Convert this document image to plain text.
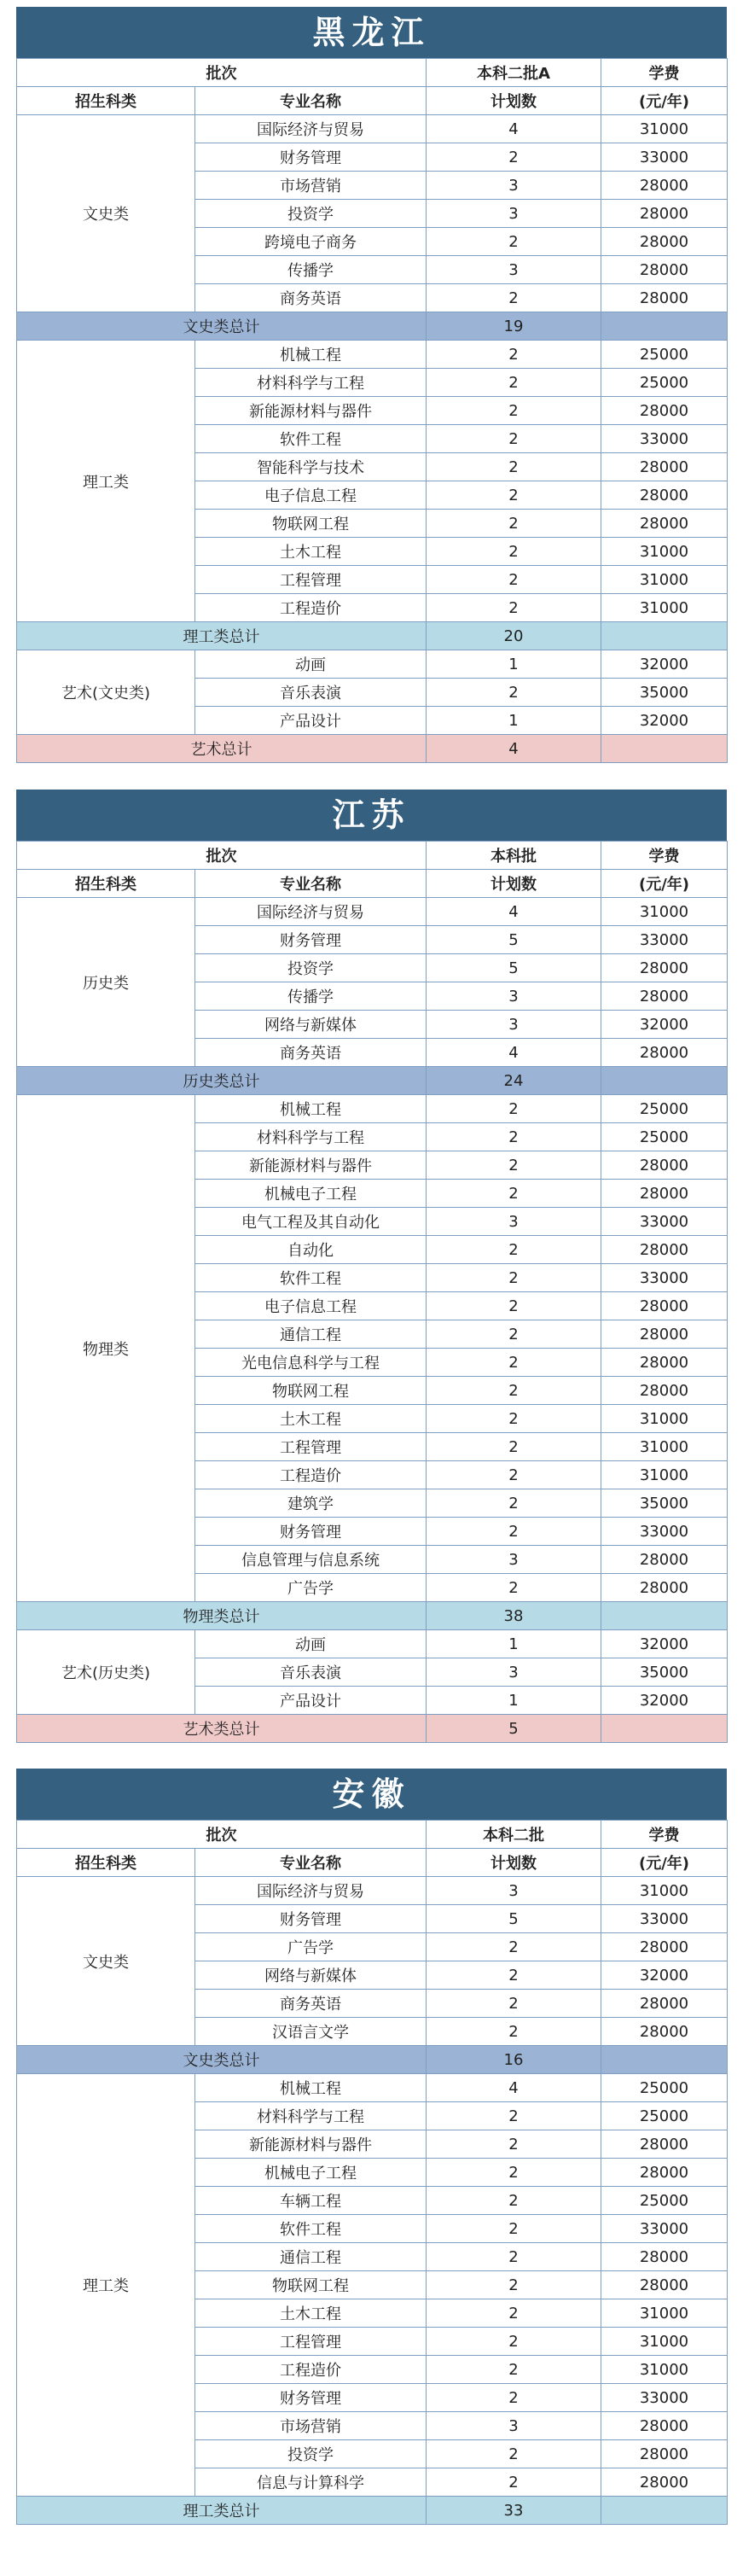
黑龙江
批次		本科二批A	学费
招生科类	专业名称	计划数	(元/年)
文史类	国际经济与贸易	4	31000
	财务管理	2	33000
	市场营销	3	28000
	投资学	3	28000
	跨境电子商务	2	28000
	传播学	3	28000
	商务英语	2	28000
文史类总计		19	
理工类	机械工程	2	25000
	材料科学与工程	2	25000
	新能源材料与器件	2	28000
	软件工程	2	33000
	智能科学与技术	2	28000
	电子信息工程	2	28000
	物联网工程	2	28000
	土木工程	2	31000
	工程管理	2	31000
	工程造价	2	31000
理工类总计		20	
艺术(文史类)	动画	1	32000
	音乐表演	2	35000
	产品设计	1	32000
艺术总计		4	
江苏
批次		本科批	学费
招生科类	专业名称	计划数	(元/年)
历史类	国际经济与贸易	4	31000
	财务管理	5	33000
	投资学	5	28000
	传播学	3	28000
	网络与新媒体	3	32000
	商务英语	4	28000
历史类总计		24	
物理类	机械工程	2	25000
	材料科学与工程	2	25000
	新能源材料与器件	2	28000
	机械电子工程	2	28000
	电气工程及其自动化	3	33000
	自动化	2	28000
	软件工程	2	33000
	电子信息工程	2	28000
	通信工程	2	28000
	光电信息科学与工程	2	28000
	物联网工程	2	28000
	土木工程	2	31000
	工程管理	2	31000
	工程造价	2	31000
	建筑学	2	35000
	财务管理	2	33000
	信息管理与信息系统	3	28000
	广告学	2	28000
物理类总计		38	
艺术(历史类)	动画	1	32000
	音乐表演	3	35000
	产品设计	1	32000
艺术类总计		5	
安徽
批次		本科二批	学费
招生科类	专业名称	计划数	(元/年)
文史类	国际经济与贸易	3	31000
	财务管理	5	33000
	广告学	2	28000
	网络与新媒体	2	32000
	商务英语	2	28000
	汉语言文学	2	28000
文史类总计		16	
理工类	机械工程	4	25000
	材料科学与工程	2	25000
	新能源材料与器件	2	28000
	机械电子工程	2	28000
	车辆工程	2	25000
	软件工程	2	33000
	通信工程	2	28000
	物联网工程	2	28000
	土木工程	2	31000
	工程管理	2	31000
	工程造价	2	31000
	财务管理	2	33000
	市场营销	3	28000
	投资学	2	28000
	信息与计算科学	2	28000
理工类总计		33	
